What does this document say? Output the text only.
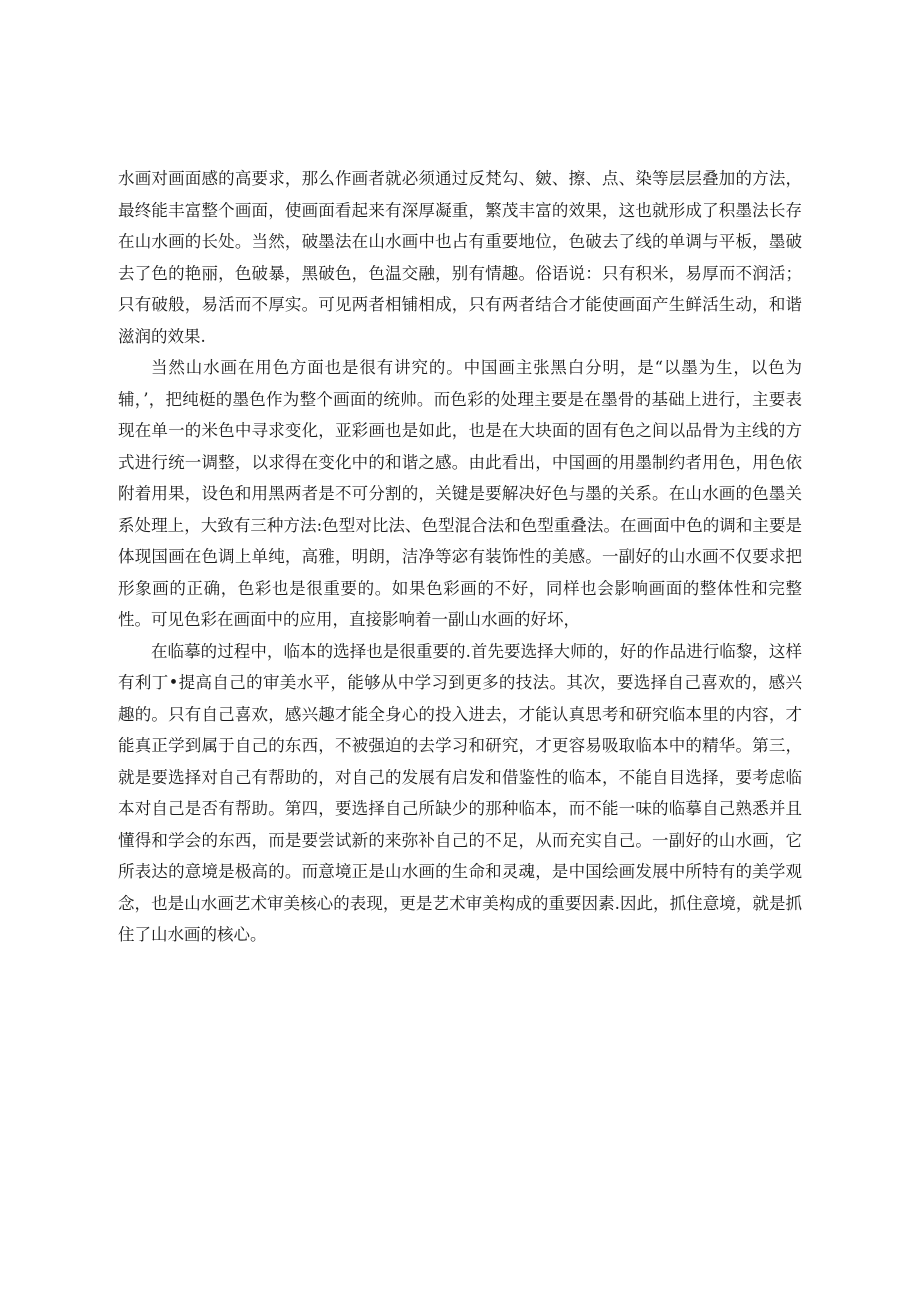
水画对画面感的高要求，那么作画者就必须通过反梵勾、皴、擦、点、染等层层叠加的方法，最终能丰富整个画面，使画面看起来有深厚凝重，繁茂丰富的效果，这也就形成了积墨法长存在山水画的长处。当然，破墨法在山水画中也占有重要地位，色破去了线的单调与平板，墨破去了色的艳丽，色破暴，黑破色，色温交融，别有情趣。俗语说：只有积米，易厚而不润活；只有破般，易活而不厚实。可见两者相铺相成，只有两者结合才能使画面产生鲜活生动，和谐滋润的效果.

当然山水画在用色方面也是很有讲究的。中国画主张黑白分明，是“以墨为生，以色为辅，’，把纯梃的墨色作为整个画面的统帅。而色彩的处理主要是在墨骨的基础上进行，主要表现在单一的米色中寻求变化，亚彩画也是如此，也是在大块面的固有色之间以品骨为主线的方式进行统一调整，以求得在变化中的和谐之感。由此看出，中国画的用墨制约者用色，用色依附着用果，设色和用黑两者是不可分割的，关键是要解决好色与墨的关系。在山水画的色墨关系处理上，大致有三种方法:色型对比法、色型混合法和色型重叠法。在画面中色的调和主要是体现国画在色调上单纯，高雅，明朗，洁净等宓有装饰性的美感。一副好的山水画不仅要求把形象画的正确，色彩也是很重要的。如果色彩画的不好，同样也会影响画面的整体性和完整性。可见色彩在画面中的应用，直接影响着一副山水画的好坏，

在临摹的过程中，临本的选择也是很重要的.首先要选择大师的，好的作品进行临黎，这样有利丁•提高自己的审美水平，能够从中学习到更多的技法。其次，要选择自己喜欢的，感兴趣的。只有自己喜欢，感兴趣才能全身心的投入进去，才能认真思考和研究临本里的内容，才能真正学到属于自己的东西，不被强迫的去学习和研究，才更容易吸取临本中的精华。第三，就是要选择对自己有帮助的，对自己的发展有启发和借鉴性的临本，不能自目选择，要考虑临本对自己是否有帮助。第四，要选择自己所缺少的那种临本，而不能一味的临摹自己熟悉并且懂得和学会的东西，而是要尝试新的来弥补自己的不足，从而充实自己。一副好的山水画，它所表达的意境是极高的。而意境正是山水画的生命和灵魂，是中国绘画发展中所特有的美学观念，也是山水画艺术审美核心的表现，更是艺术审美构成的重要因素.因此，抓住意境，就是抓住了山水画的核心。
